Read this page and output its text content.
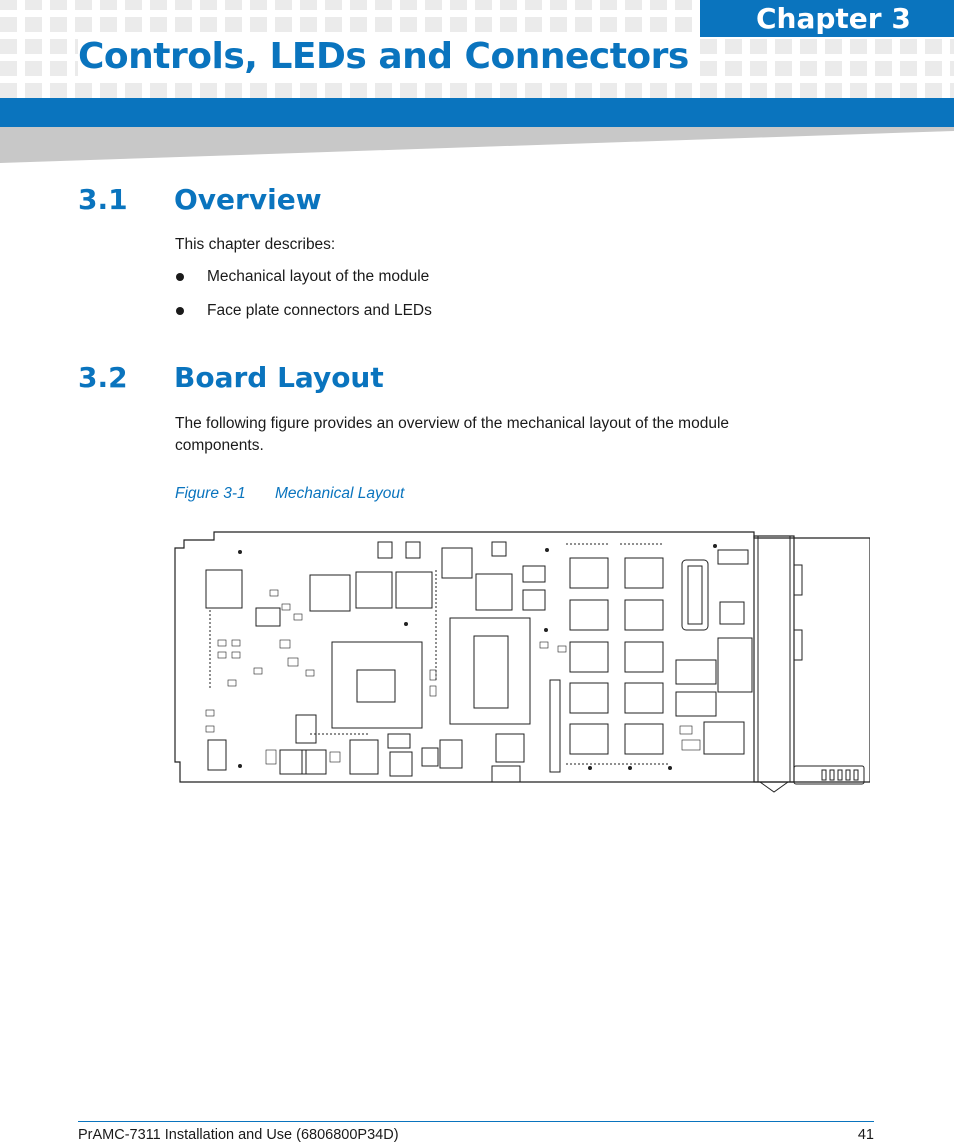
Chapter 3
Controls, LEDs and Connectors
3.1 Overview

This chapter describes:

Mechanical layout of the module
Face plate connectors and LEDs
3.2 Board Layout

The following figure provides an overview of the mechanical layout of the module
components.

Figure 3-1 Mechanical Layout
PrAMC-7311 Installation and Use (6806800P34D)	41
